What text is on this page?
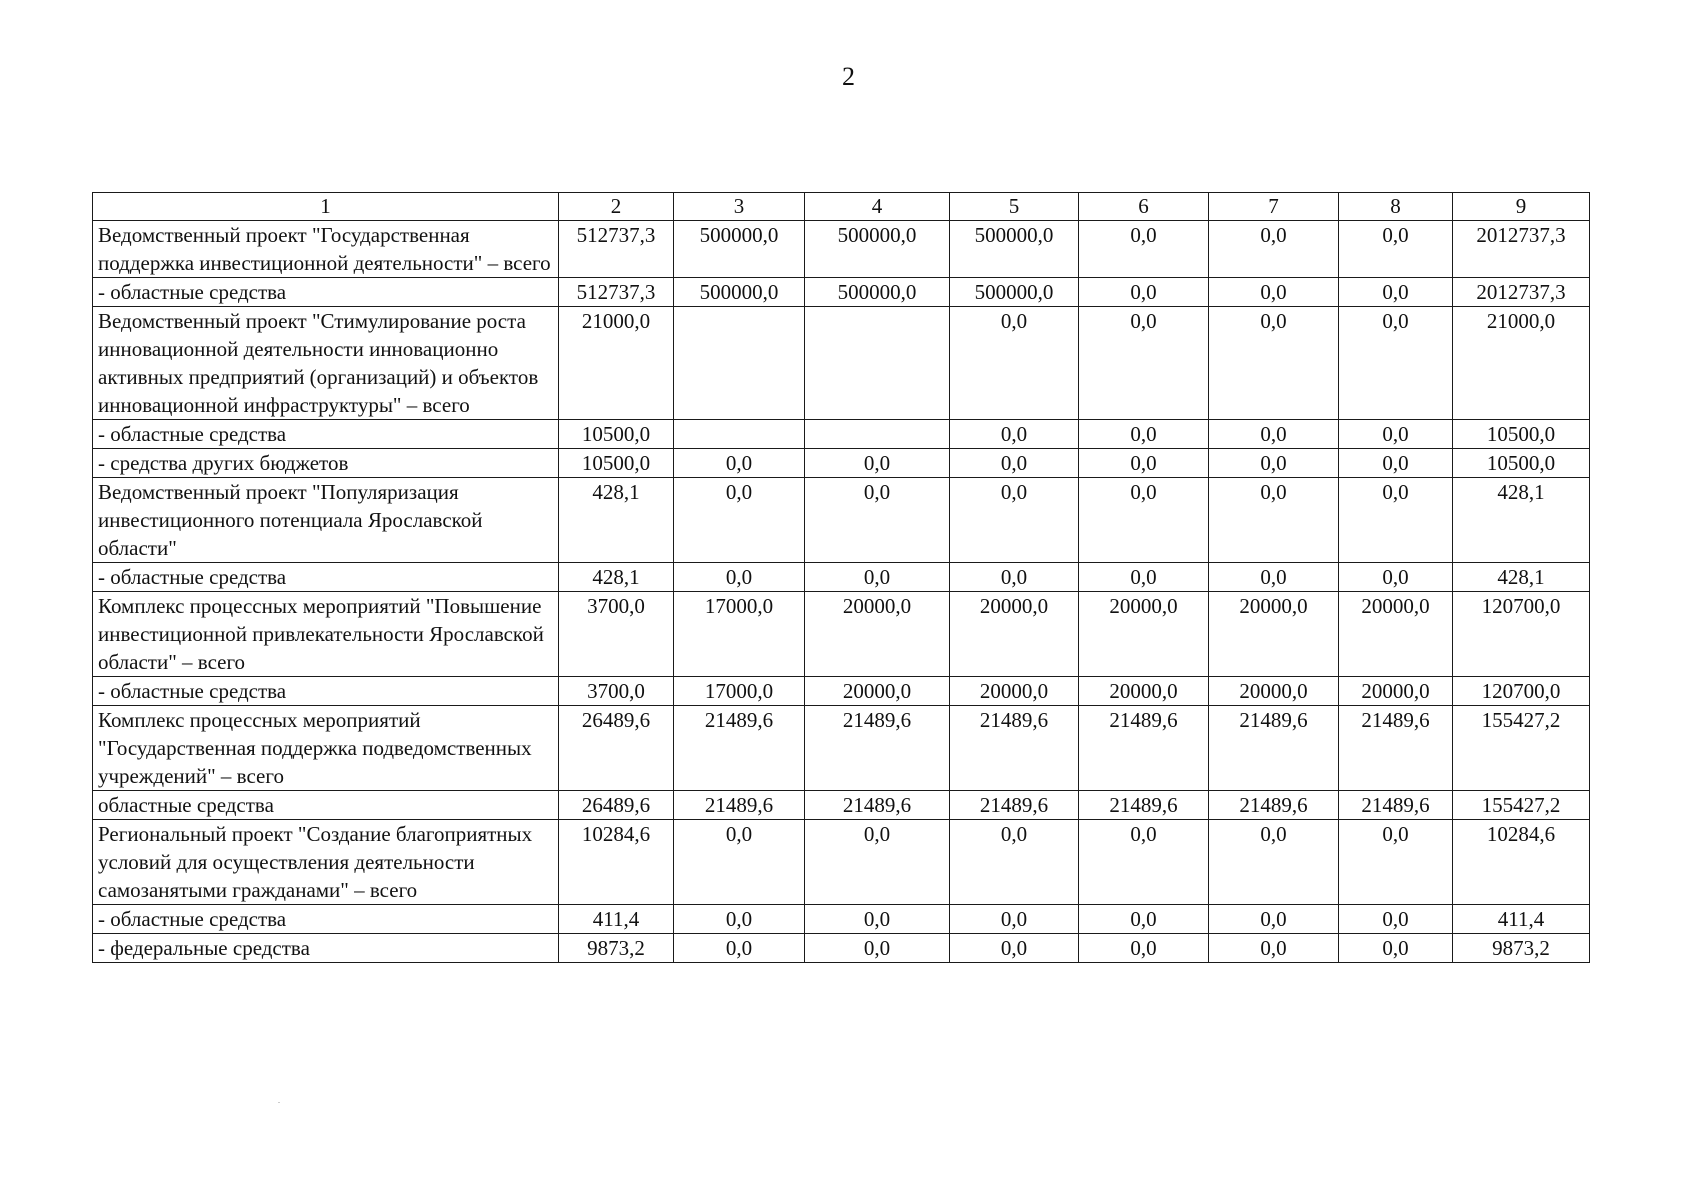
2
1	2	3	4	5	6	7	8	9
Ведомственный проект "Государственная поддержка инвестиционной деятельности" – всего	512737,3	500000,0	500000,0	500000,0	0,0	0,0	0,0	2012737,3
- областные средства	512737,3	500000,0	500000,0	500000,0	0,0	0,0	0,0	2012737,3
Ведомственный проект "Стимулирование роста инновационной деятельности инновационно активных предприятий (организаций) и объектов инновационной инфраструктуры" – всего	21000,0			0,0	0,0	0,0	0,0	21000,0
- областные средства	10500,0			0,0	0,0	0,0	0,0	10500,0
- средства других бюджетов	10500,0	0,0	0,0	0,0	0,0	0,0	0,0	10500,0
Ведомственный проект "Популяризация инвестиционного потенциала Ярославской области"	428,1	0,0	0,0	0,0	0,0	0,0	0,0	428,1
- областные средства	428,1	0,0	0,0	0,0	0,0	0,0	0,0	428,1
Комплекс процессных мероприятий "Повышение инвестиционной привлекательности Ярославской области" – всего	3700,0	17000,0	20000,0	20000,0	20000,0	20000,0	20000,0	120700,0
- областные средства	3700,0	17000,0	20000,0	20000,0	20000,0	20000,0	20000,0	120700,0
Комплекс процессных мероприятий "Государственная поддержка подведомственных учреждений" – всего	26489,6	21489,6	21489,6	21489,6	21489,6	21489,6	21489,6	155427,2
областные средства	26489,6	21489,6	21489,6	21489,6	21489,6	21489,6	21489,6	155427,2
Региональный проект "Создание благоприятных условий для осуществления деятельности самозанятыми гражданами" – всего	10284,6	0,0	0,0	0,0	0,0	0,0	0,0	10284,6
- областные средства	411,4	0,0	0,0	0,0	0,0	0,0	0,0	411,4
- федеральные средства	9873,2	0,0	0,0	0,0	0,0	0,0	0,0	9873,2
